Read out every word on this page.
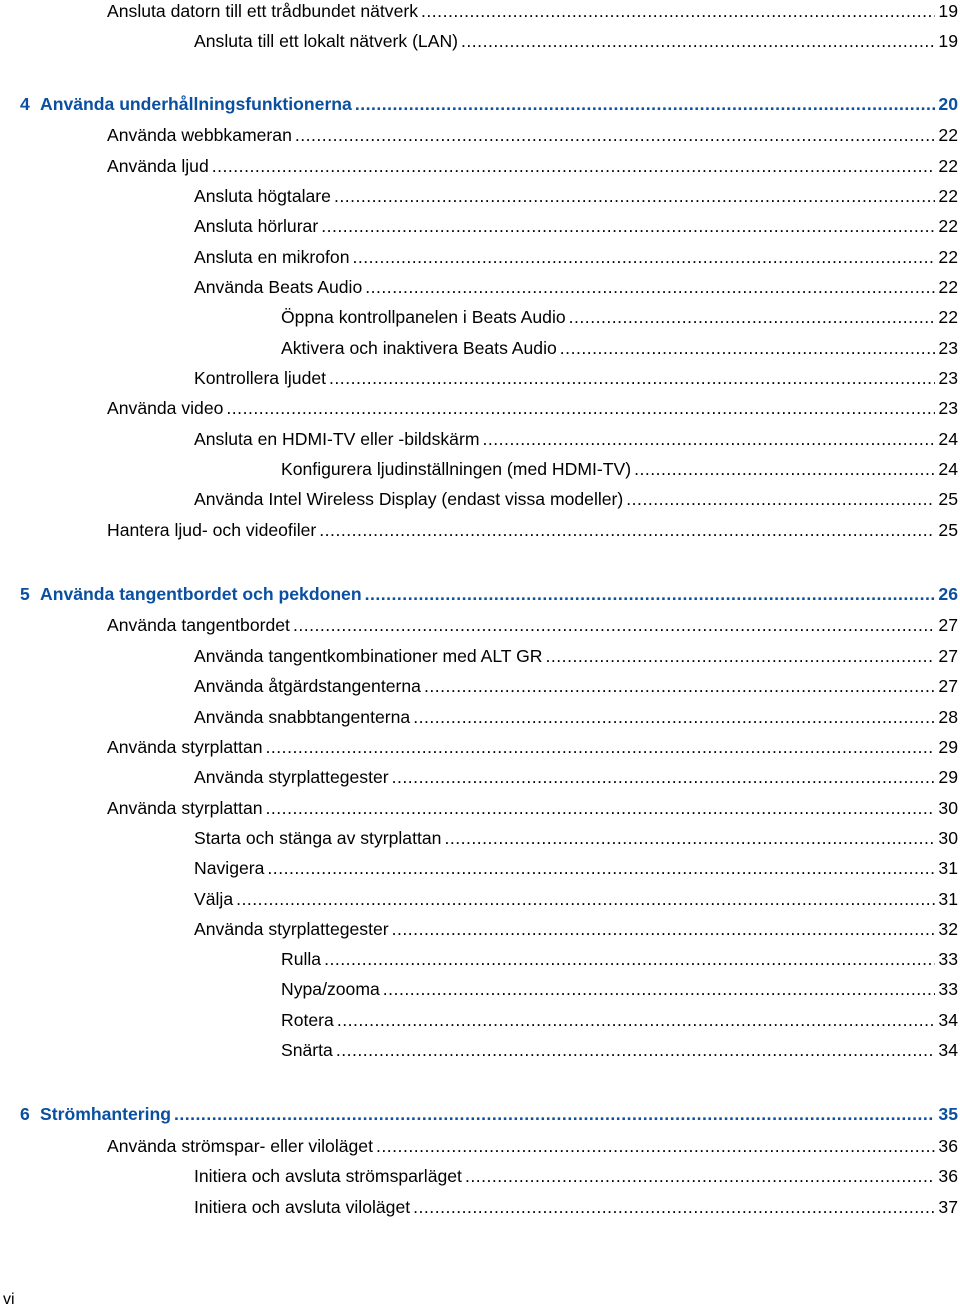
Ansluta datorn till ett trådbundet nätverk .....	19
Ansluta till ett lokalt nätverk (LAN) .....	19
4 Använda underhållningsfunktionerna .....	20
Använda webbkameran .....	22
Använda ljud .....	22
Ansluta högtalare .....	22
Ansluta hörlurar .....	22
Ansluta en mikrofon .....	22
Använda Beats Audio .....	22
Öppna kontrollpanelen i Beats Audio .....	22
Aktivera och inaktivera Beats Audio .....	23
Kontrollera ljudet .....	23
Använda video .....	23
Ansluta en HDMI-TV eller -bildskärm .....	24
Konfigurera ljudinställningen (med HDMI-TV) .....	24
Använda Intel Wireless Display (endast vissa modeller) .....	25
Hantera ljud- och videofiler .....	25
5 Använda tangentbordet och pekdonen .....	26
Använda tangentbordet .....	27
Använda tangentkombinationer med ALT GR .....	27
Använda åtgärdstangenterna .....	27
Använda snabbtangenterna .....	28
Använda styrplattan .....	29
Använda styrplattegester .....	29
Använda styrplattan .....	30
Starta och stänga av styrplattan .....	30
Navigera .....	31
Välja .....	31
Använda styrplattegester .....	32
Rulla .....	33
Nypa/zooma .....	33
Rotera .....	34
Snärta .....	34
6 Strömhantering .....	35
Använda strömspar- eller viloläget .....	36
Initiera och avsluta strömsparläget .....	36
Initiera och avsluta viloläget .....	37
vi
